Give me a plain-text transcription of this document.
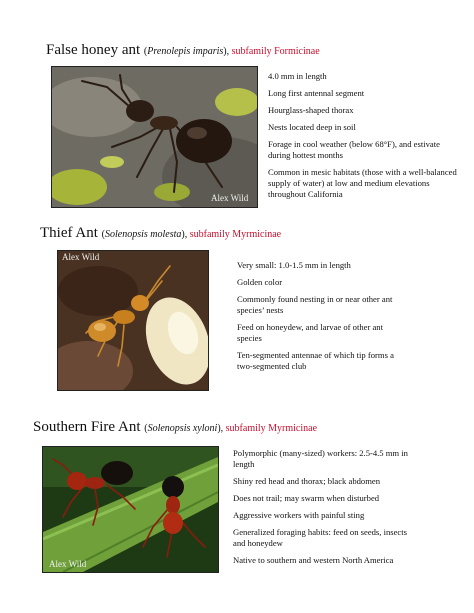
False honey ant (Prenolepis imparis), subfamily Formicinae
Alex Wild
4.0 mm in length
Long first antennal segment
Hourglass-shaped thorax
Nests located deep in soil
Forage in cool weather (below 68°F), and estivate during hottest months
Common in mesic habitats (those with a well-balanced supply of water) at low and medium elevations throughout California
Thief Ant (Solenopsis molesta), subfamily Myrmicinae
Alex Wild
Very small: 1.0-1.5 mm in length
Golden color
Commonly found nesting in or near other ant species’ nests
Feed on honeydew, and larvae of other ant species
Ten-segmented antennae of which tip forms a two-segmented club
Southern Fire Ant (Solenopsis xyloni), subfamily Myrmicinae
Alex Wild
Polymorphic (many-sized) workers: 2.5-4.5 mm in length
Shiny red head and thorax; black abdomen
Does not trail; may swarm when disturbed
Aggressive workers with painful sting
Generalized foraging habits: feed on seeds, insects and honeydew
Native to southern and western North America
